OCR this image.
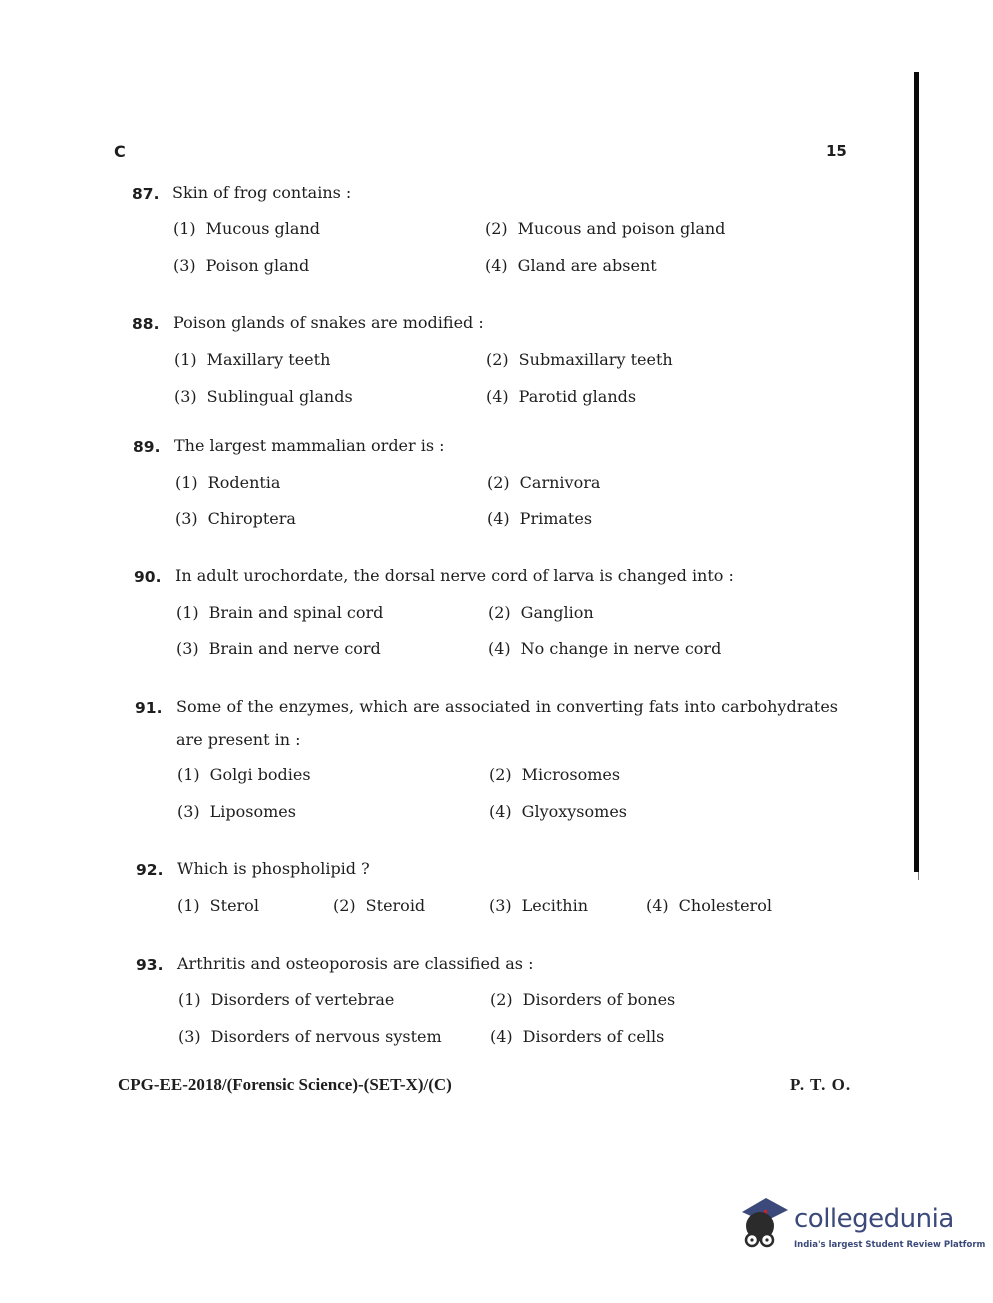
C	15
87. Skin of frog contains :
(1) Mucous gland	(2) Mucous and poison gland
(3) Poison gland	(4) Gland are absent
88. Poison glands of snakes are modified :
(1) Maxillary teeth	(2) Submaxillary teeth
(3) Sublingual glands	(4) Parotid glands
89. The largest mammalian order is :
(1) Rodentia	(2) Carnivora
(3) Chiroptera	(4) Primates
90. In adult urochordate, the dorsal nerve cord of larva is changed into :
(1) Brain and spinal cord	(2) Ganglion
(3) Brain and nerve cord	(4) No change in nerve cord
91. Some of the enzymes, which are associated in converting fats into carbohydrates are present in :
(1) Golgi bodies	(2) Microsomes
(3) Liposomes	(4) Glyoxysomes
92. Which is phospholipid ?
(1) Sterol	(2) Steroid	(3) Lecithin	(4) Cholesterol
93. Arthritis and osteoporosis are classified as :
(1) Disorders of vertebrae	(2) Disorders of bones
(3) Disorders of nervous system	(4) Disorders of cells
CPG-EE-2018/(Forensic Science)-(SET-X)/(C)	P. T. O.
collegedunia
India's largest Student Review Platform
